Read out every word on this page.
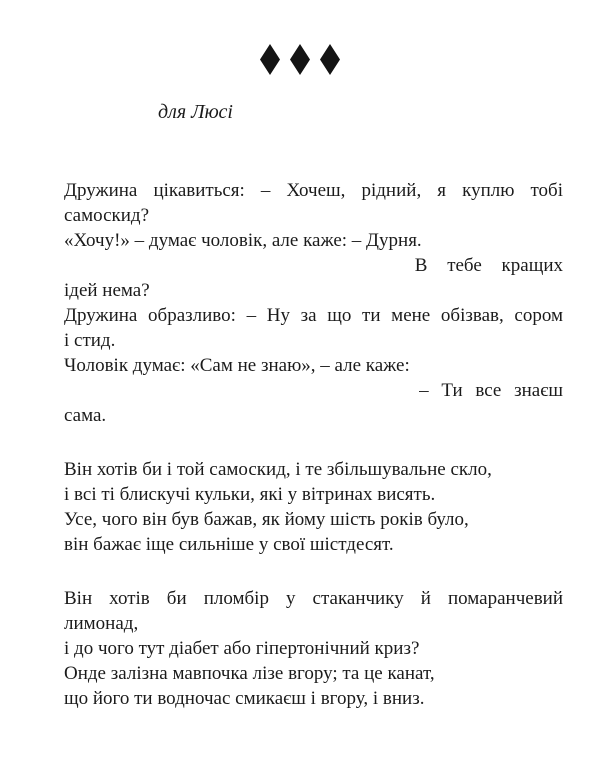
для Люсі
Дружина цікавиться: – Хочеш, рідний, я куплю тобі
самоскид?
«Хочу!» – думає чоловік, але каже: – Дурня.
В тебе кращих
ідей нема?
Дружина образливо: – Ну за що ти мене обізвав, сором
і стид.
Чоловік думає: «Сам не знаю», – але каже:
– Ти все знаєш
сама.
Він хотів би і той самоскид, і те збільшувальне скло,
і всі ті блискучі кульки, які у вітринах висять.
Усе, чого він був бажав, як йому шість років було,
він бажає іще сильніше у свої шістдесят.
Він хотів би пломбір у стаканчику й помаранчевий
лимонад,
і до чого тут діабет або гіпертонічний криз?
Онде залізна мавпочка лізе вгору; та це канат,
що його ти водночас смикаєш і вгору, і вниз.
